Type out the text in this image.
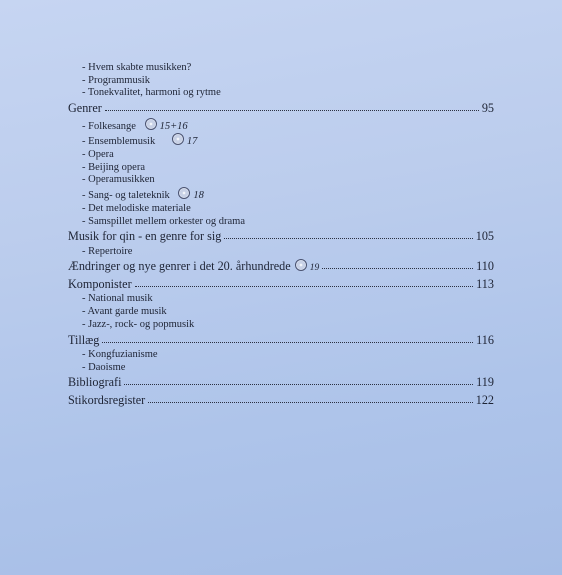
- Hvem skabte musikken?
- Programmusik
- Tonekvalitet, harmoni og rytme
Genrer	95
- Folkesange 15+16
- Ensemblemusik	17
- Opera
- Beijing opera
- Operamusikken
- Sang- og taleteknik 18
- Det melodiske materiale
- Samspillet mellem orkester og drama
Musik for qin - en genre for sig	105
- Repertoire
Ændringer og nye genrer i det 20. århundrede	19	110
Komponister	113
- National musik
- Avant garde musik
- Jazz-, rock- og popmusik
Tillæg	116
- Kongfuzianisme
- Daoisme
Bibliografi	119
Stikordsregister	122
